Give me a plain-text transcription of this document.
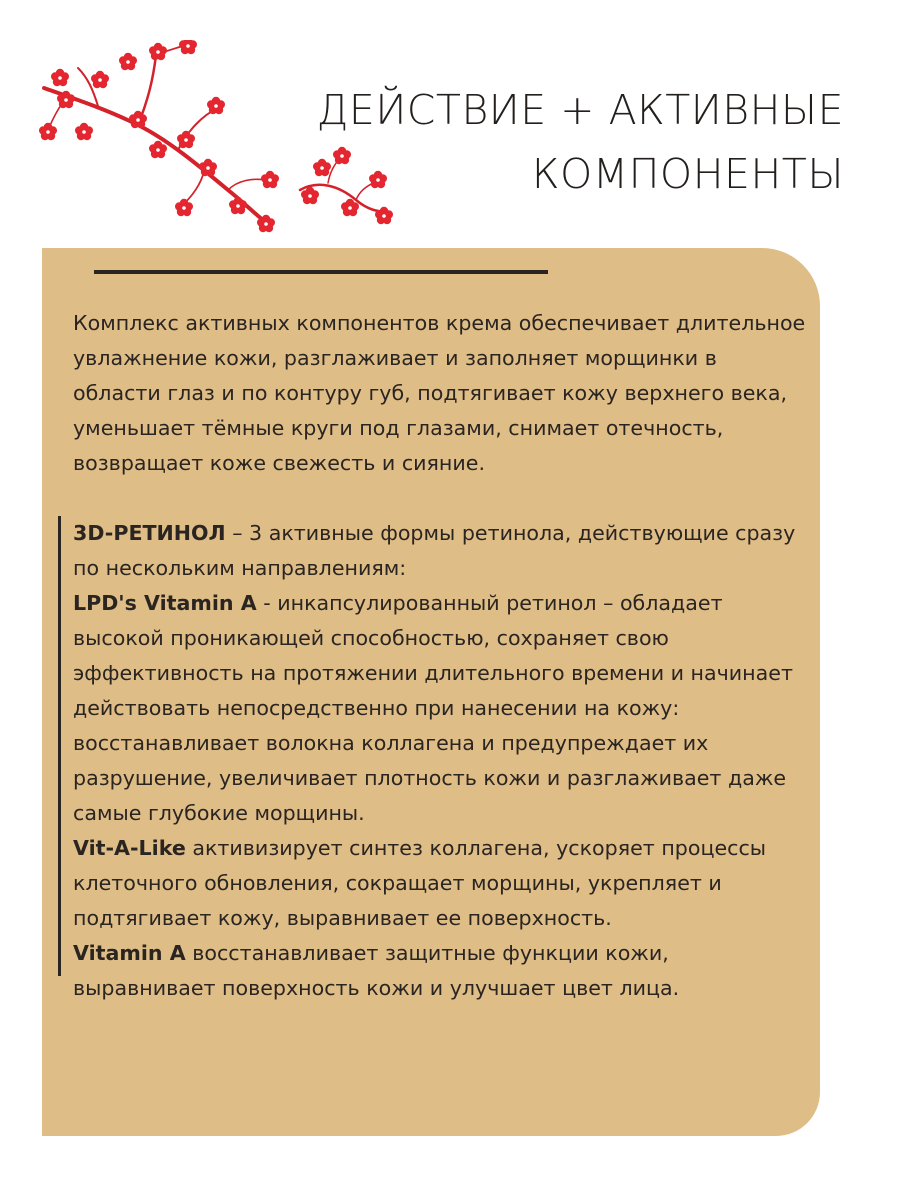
ДЕЙСТВИЕ + АКТИВНЫЕ
КОМПОНЕНТЫ

Комплекс активных компонентов крема обеспечивает длительное увлажнение кожи, разглаживает и заполняет морщинки в области глаз и по контуру губ, подтягивает кожу верхнего века, уменьшает тёмные круги под глазами, снимает отечность, возвращает коже свежесть и сияние.

3D-РЕТИНОЛ – 3 активные формы ретинола, действующие сразу по нескольким направлениям:
LPD's Vitamin A - инкапсулированный ретинол – обладает высокой проникающей способностью, сохраняет свою эффективность на протяжении длительного времени и начинает действовать непосредственно при нанесении на кожу: восстанавливает волокна коллагена и предупреждает их разрушение, увеличивает плотность кожи и разглаживает даже самые глубокие морщины.
Vit-A-Like активизирует синтез коллагена, ускоряет процессы клеточного обновления, сокращает морщины, укрепляет и подтягивает кожу, выравнивает ее поверхность.
Vitamin A восстанавливает защитные функции кожи, выравнивает поверхность кожи и улучшает цвет лица.
